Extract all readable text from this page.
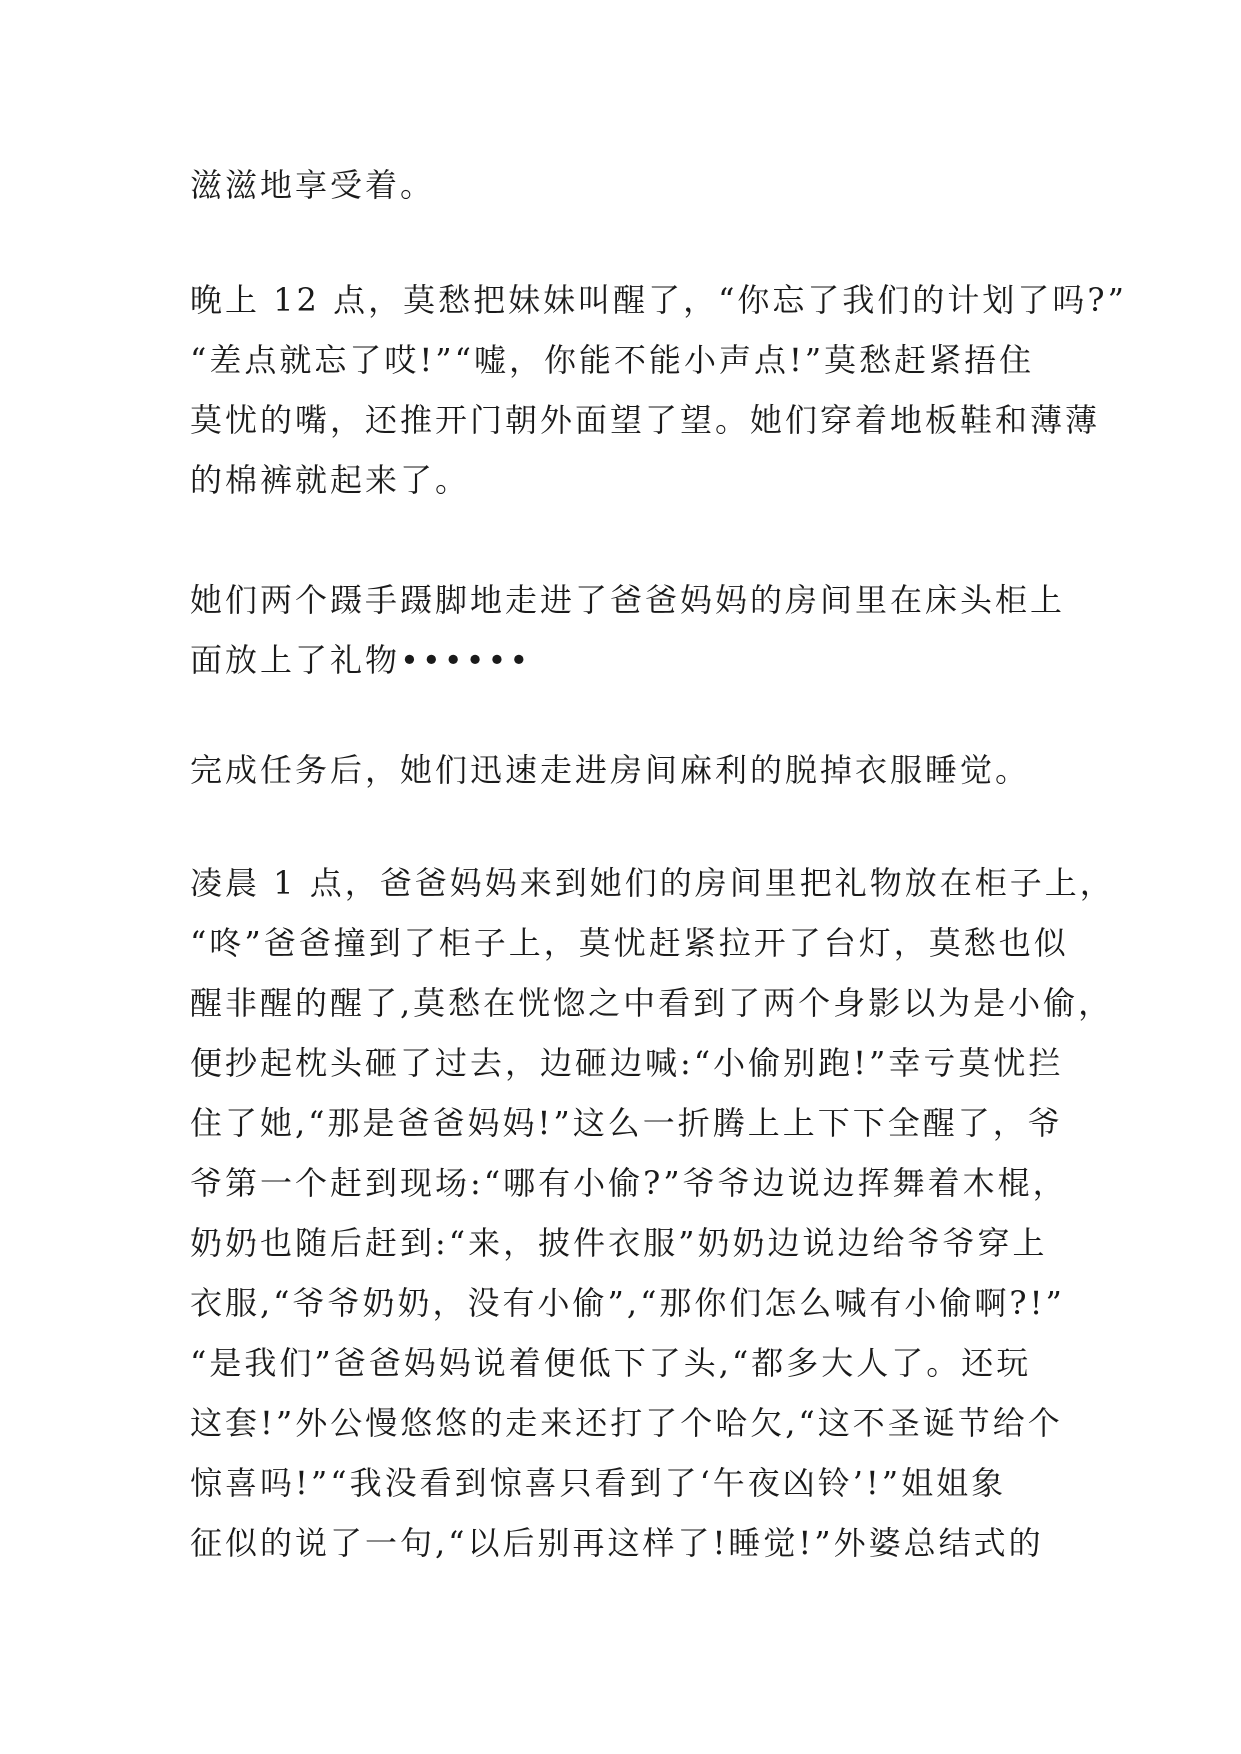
滋滋地享受着。
晚上 12 点，莫愁把妹妹叫醒了，“你忘了我们的计划了吗?”
“差点就忘了哎!”“嘘，你能不能小声点!”莫愁赶紧捂住
莫忧的嘴，还推开门朝外面望了望。她们穿着地板鞋和薄薄
的棉裤就起来了。
她们两个蹑手蹑脚地走进了爸爸妈妈的房间里在床头柜上
面放上了礼物••••••
完成任务后，她们迅速走进房间麻利的脱掉衣服睡觉。
凌晨 1 点，爸爸妈妈来到她们的房间里把礼物放在柜子上，
“咚”爸爸撞到了柜子上，莫忧赶紧拉开了台灯，莫愁也似
醒非醒的醒了,莫愁在恍惚之中看到了两个身影以为是小偷，
便抄起枕头砸了过去，边砸边喊:“小偷别跑!”幸亏莫忧拦
住了她,“那是爸爸妈妈!”这么一折腾上上下下全醒了，爷
爷第一个赶到现场:“哪有小偷?”爷爷边说边挥舞着木棍，
奶奶也随后赶到:“来，披件衣服”奶奶边说边给爷爷穿上
衣服,“爷爷奶奶，没有小偷”,“那你们怎么喊有小偷啊?!”
“是我们”爸爸妈妈说着便低下了头,“都多大人了。还玩
这套!”外公慢悠悠的走来还打了个哈欠,“这不圣诞节给个
惊喜吗!”“我没看到惊喜只看到了‘午夜凶铃’!”姐姐象
征似的说了一句,“以后别再这样了!睡觉!”外婆总结式的
